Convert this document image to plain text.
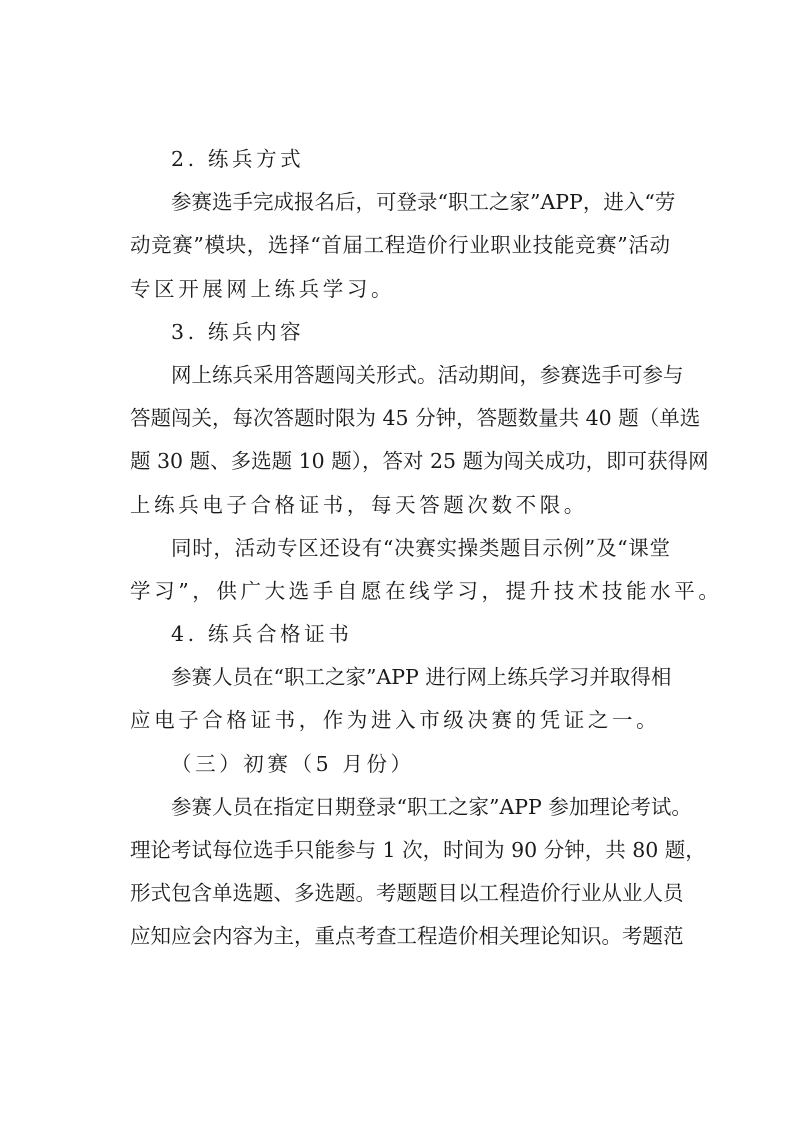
2. 练兵方式
参赛选手完成报名后，可登录“职工之家”APP，进入“劳
动竞赛”模块，选择“首届工程造价行业职业技能竞赛”活动
专区开展网上练兵学习。
3. 练兵内容
网上练兵采用答题闯关形式。活动期间，参赛选手可参与
答题闯关，每次答题时限为 45 分钟，答题数量共 40 题（单选
题 30 题、多选题 10 题），答对 25 题为闯关成功，即可获得网
上练兵电子合格证书，每天答题次数不限。
同时，活动专区还设有“决赛实操类题目示例”及“课堂
学习”，供广大选手自愿在线学习，提升技术技能水平。
4. 练兵合格证书
参赛人员在“职工之家”APP 进行网上练兵学习并取得相
应电子合格证书，作为进入市级决赛的凭证之一。
（三）初赛（5 月份）
参赛人员在指定日期登录“职工之家”APP 参加理论考试。
理论考试每位选手只能参与 1 次，时间为 90 分钟，共 80 题，
形式包含单选题、多选题。考题题目以工程造价行业从业人员
应知应会内容为主，重点考查工程造价相关理论知识。考题范
